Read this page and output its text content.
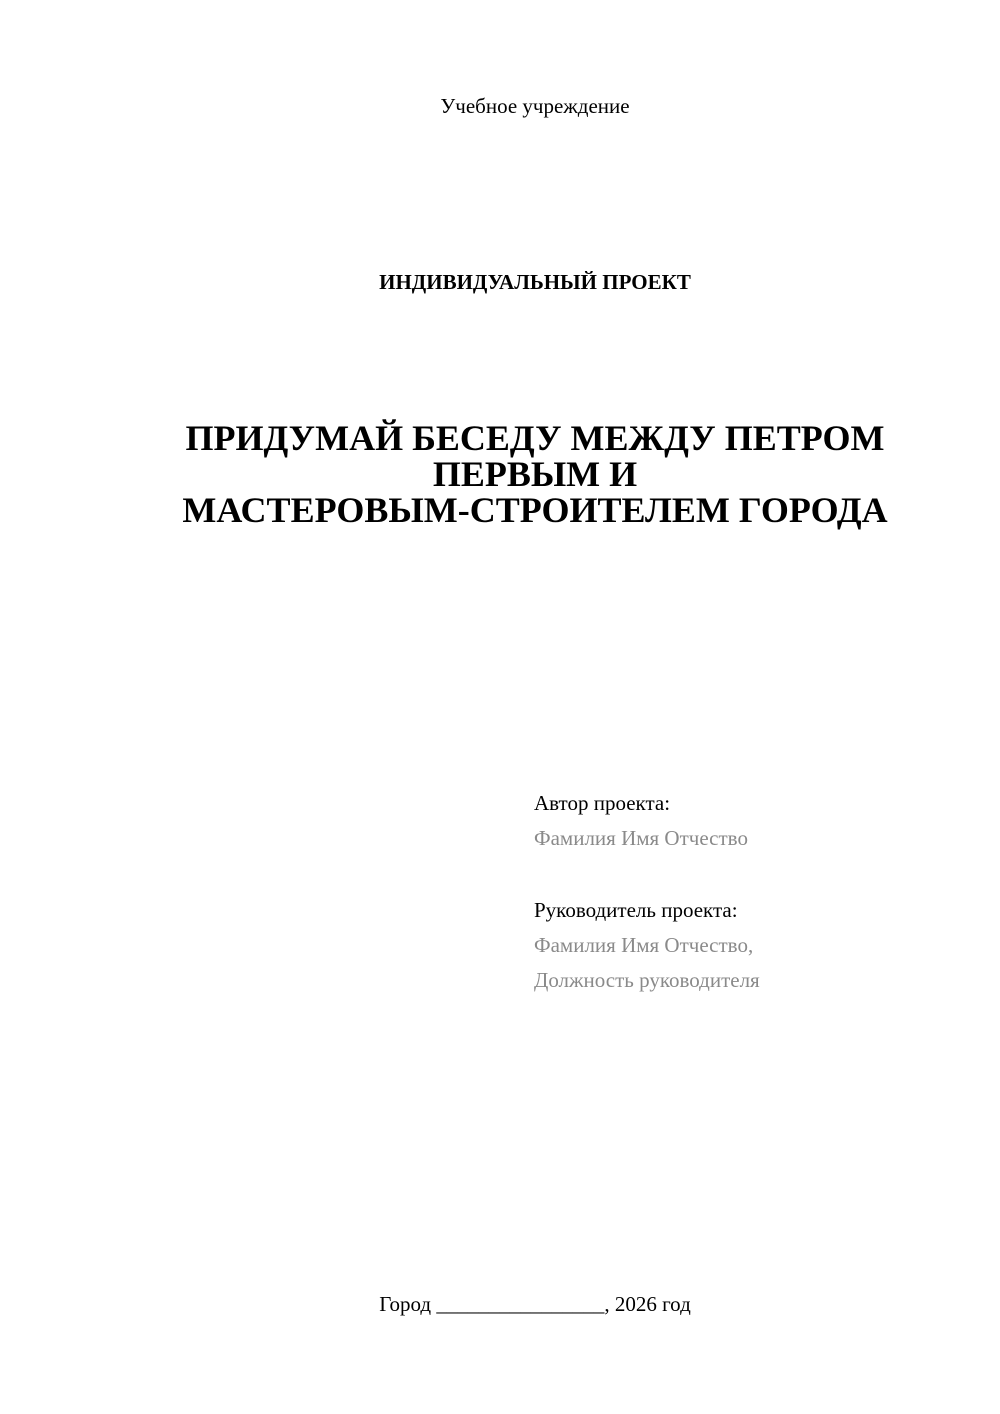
Учебное учреждение
ИНДИВИДУАЛЬНЫЙ ПРОЕКТ
ПРИДУМАЙ БЕСЕДУ МЕЖДУ ПЕТРОМ
ПЕРВЫМ И
МАСТЕРОВЫМ-СТРОИТЕЛЕМ ГОРОДА
Автор проекта:
Фамилия Имя Отчество
Руководитель проекта:
Фамилия Имя Отчество,
Должность руководителя
Город ________________, 2026 год
